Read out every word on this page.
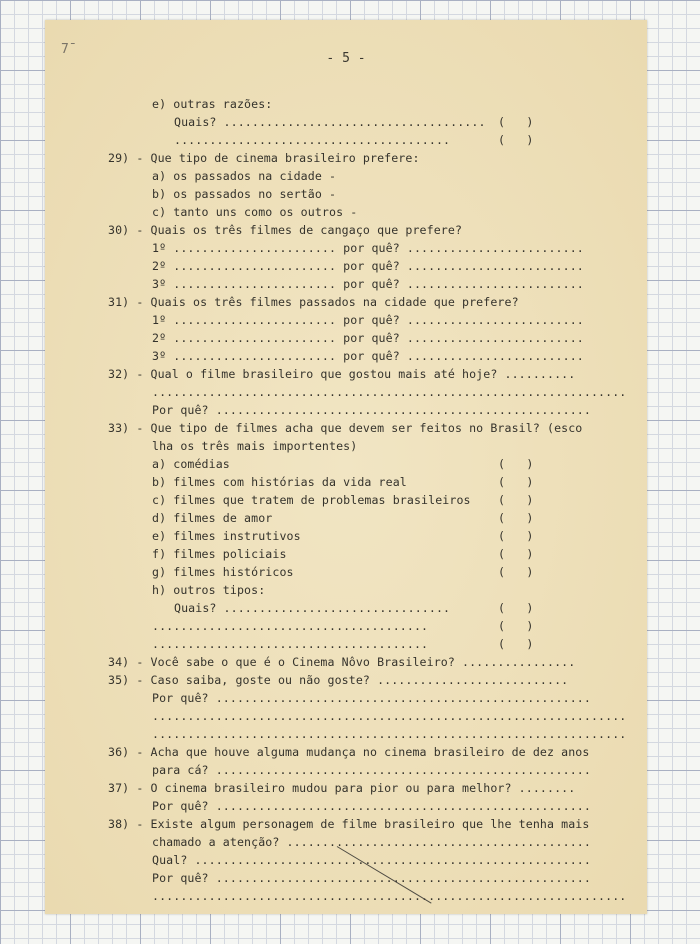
7ˉ
- 5 -
e) outras razões:
Quais? ..................................... (   )
.......................................	(   )
29) - Que tipo de cinema brasileiro prefere:
a) os passados na cidade -
b) os passados no sertão -
c) tanto uns como os outros -
30) - Quais os três filmes de cangaço que prefere?
1º ....................... por quê? .........................
2º ....................... por quê? .........................
3º ....................... por quê? .........................
31) - Quais os três filmes passados na cidade que prefere?
1º ....................... por quê? .........................
2º ....................... por quê? .........................
3º ....................... por quê? .........................
32) - Qual o filme brasileiro que gostou mais até hoje? ..........
...................................................................
Por quê? .....................................................
33) - Que tipo de filmes acha que devem ser feitos no Brasil? (esco
lha os três mais importentes)
a) comédias	(   )
b) filmes com histórias da vida real	(   )
c) filmes que tratem de problemas brasileiros (   )
d) filmes de amor	(   )
e) filmes instrutivos	(   )
f) filmes policiais	(   )
g) filmes históricos	(   )
h) outros tipos:
Quais? ................................	(   )
.......................................	(   )
.......................................	(   )
34) - Você sabe o que é o Cinema Nôvo Brasileiro? ................
35) - Caso saiba, goste ou não goste? ...........................
Por quê? .....................................................
...................................................................
...................................................................
36) - Acha que houve alguma mudança no cinema brasileiro de dez anos
para cá? .....................................................
37) - O cinema brasileiro mudou para pior ou para melhor? ........
Por quê? .....................................................
38) - Existe algum personagem de filme brasileiro que lhe tenha mais
chamado a atenção? ...........................................
Qual? ........................................................
Por quê? .....................................................
...................................................................
